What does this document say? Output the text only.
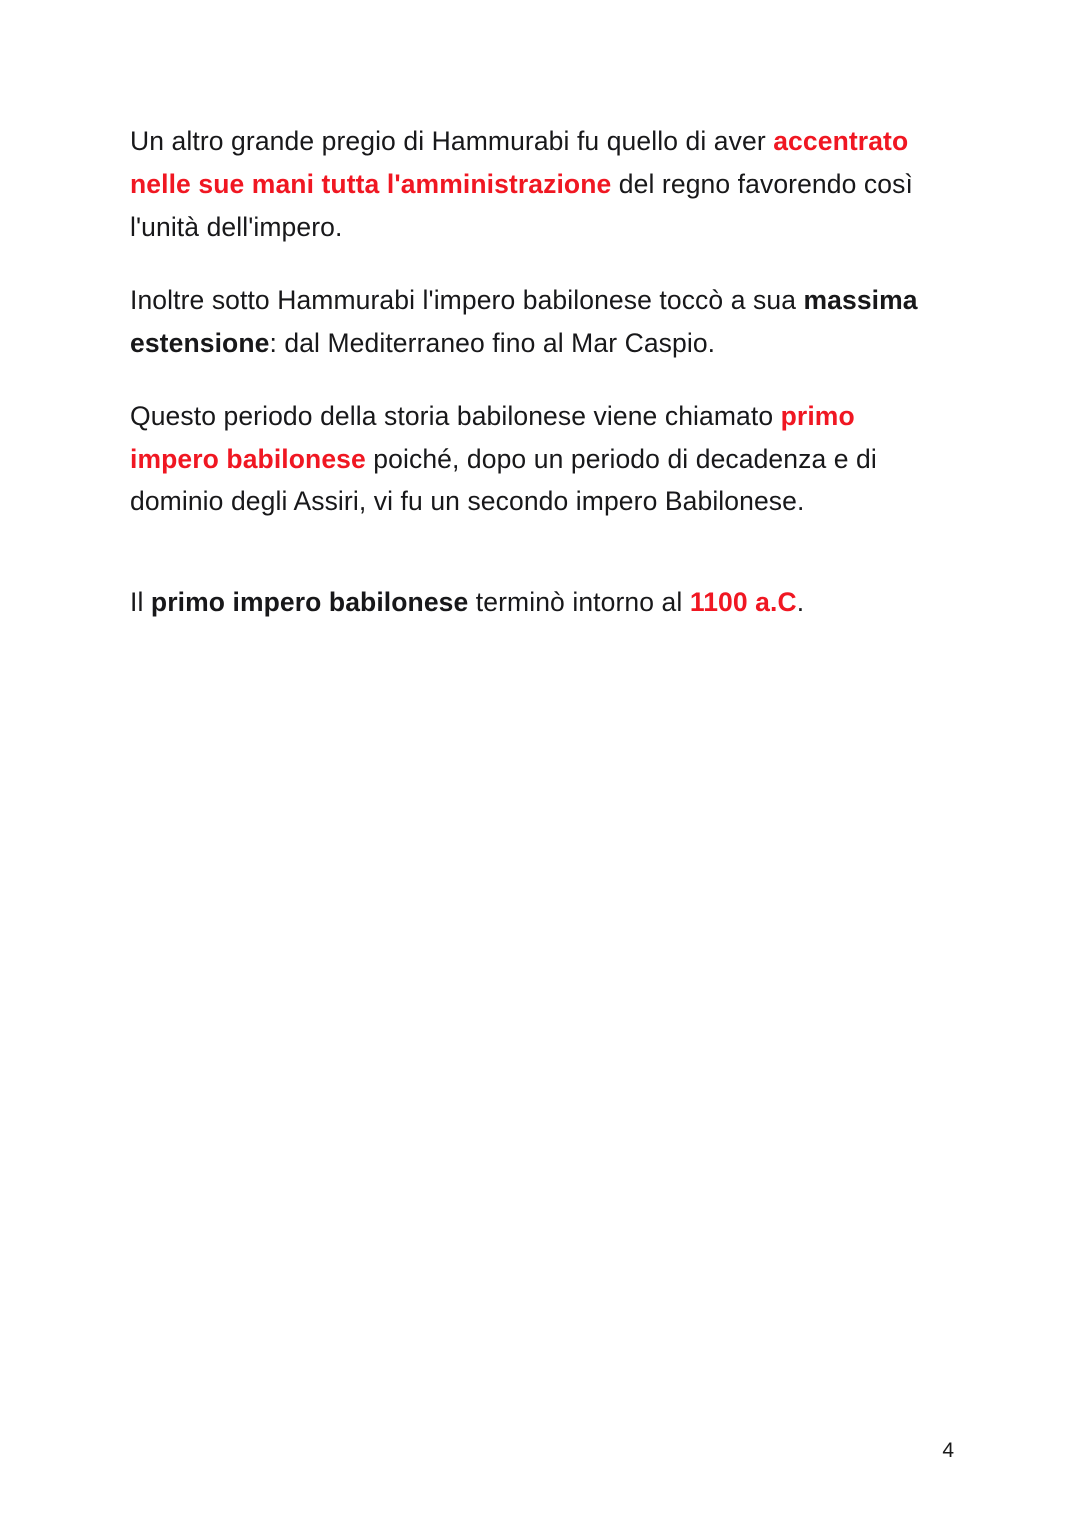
Un altro grande pregio di Hammurabi fu quello di aver accentrato nelle sue mani tutta l'amministrazione del regno favorendo così l'unità dell'impero.

Inoltre sotto Hammurabi l'impero babilonese toccò a sua massima estensione: dal Mediterraneo fino al Mar Caspio.

Questo periodo della storia babilonese viene chiamato primo impero babilonese poiché, dopo un periodo di decadenza e di dominio degli Assiri, vi fu un secondo impero Babilonese.

Il primo impero babilonese terminò intorno al 1100 a.C.

4
